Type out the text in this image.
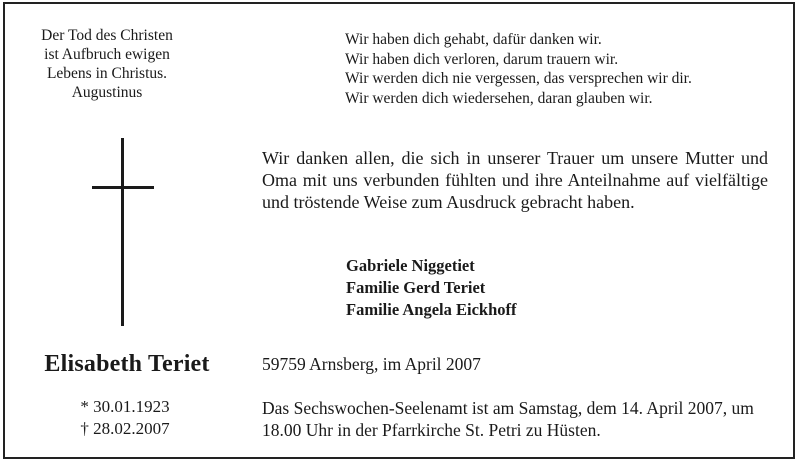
Der Tod des Christen
ist Aufbruch ewigen
Lebens in Christus.
Augustinus
Wir haben dich gehabt, dafür danken wir.
Wir haben dich verloren, darum trauern wir.
Wir werden dich nie vergessen, das versprechen wir dir.
Wir werden dich wiedersehen, daran glauben wir.
Wir danken allen, die sich in unserer Trauer um unsere Mutter und Oma mit uns verbunden fühlten und ihre Anteilnahme auf vielfältige und tröstende Weise zum Ausdruck gebracht haben.
Gabriele Niggetiet
Familie Gerd Teriet
Familie Angela Eickhoff
Elisabeth Teriet
* 30.01.1923
† 28.02.2007
59759 Arnsberg, im April 2007
Das Sechswochen-Seelenamt ist am Samstag, dem 14. April 2007, um 18.00 Uhr in der Pfarrkirche St. Petri zu Hüsten.
